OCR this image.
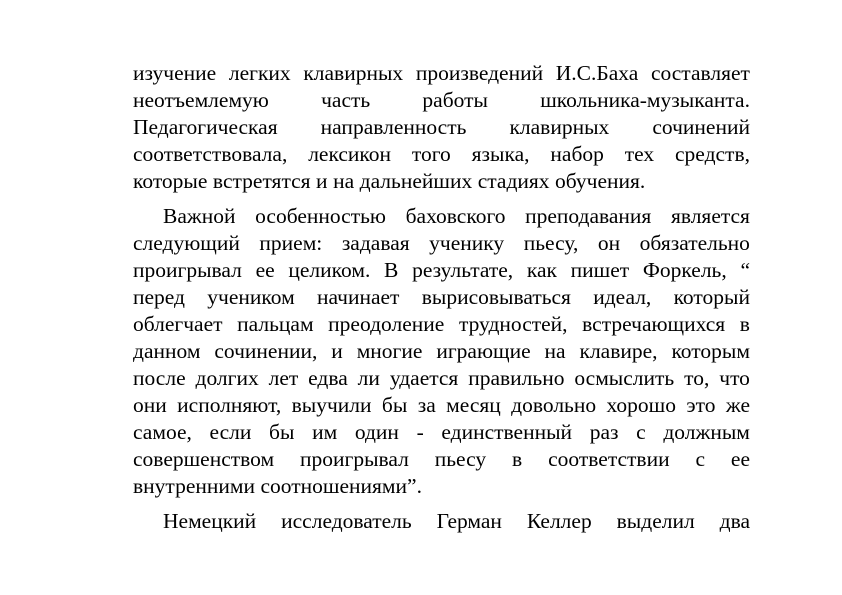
изучение легких клавирных произведений И.С.Баха составляет
неотъемлемую часть работы школьника-музыканта.
Педагогическая направленность клавирных сочинений
соответствовала, лексикон того языка, набор тех средств,
которые встретятся и на дальнейших стадиях обучения.
Важной особенностью баховского преподавания является
следующий прием: задавая ученику пьесу, он обязательно
проигрывал ее целиком. В результате, как пишет Форкель, “
перед учеником начинает вырисовываться идеал, который
облегчает пальцам преодоление трудностей, встречающихся в
данном сочинении, и многие играющие на клавире, которым
после долгих лет едва ли удается правильно осмыслить то, что
они исполняют, выучили бы за месяц довольно хорошо это же
самое, если бы им один - единственный раз с должным
совершенством проигрывал пьесу в соответствии с ее
внутренними соотношениями”.
Немецкий исследователь Герман Келлер выделил два
